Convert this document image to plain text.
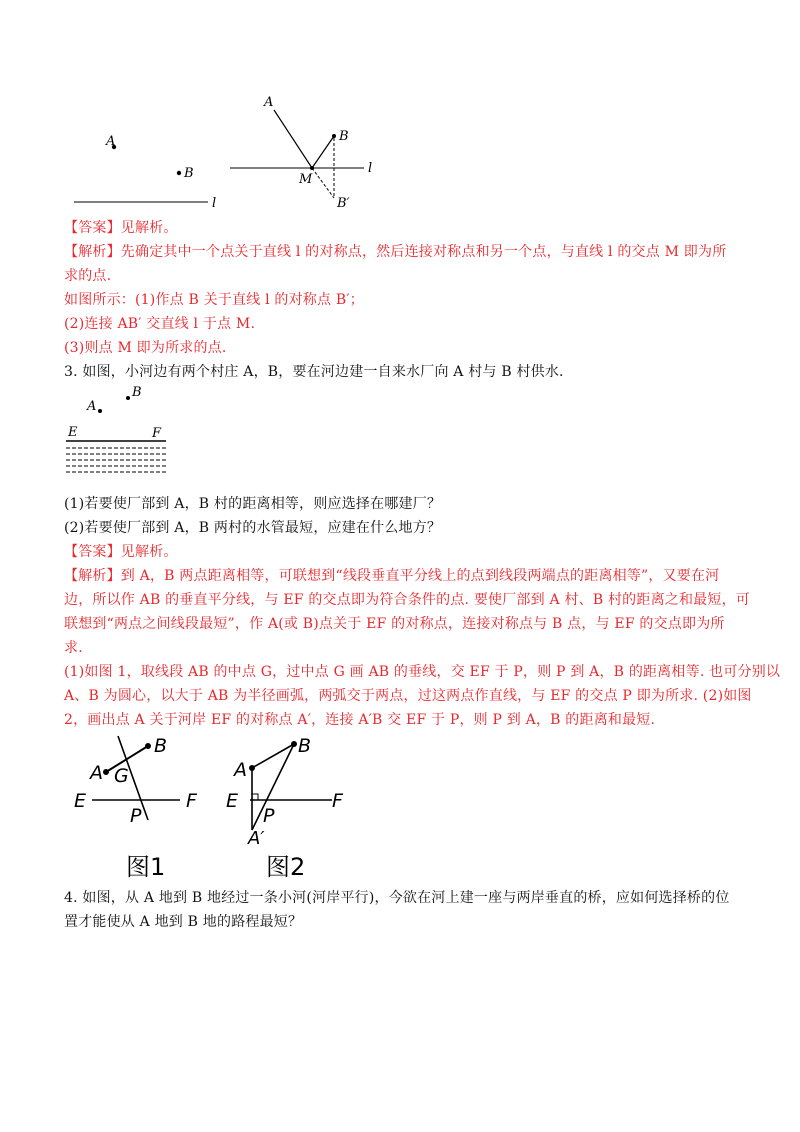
A
B
l
A
B
l
M
B′
【答案】见解析。
【解析】先确定其中一个点关于直线 l 的对称点，然后连接对称点和另一个点，与直线 l 的交点 M 即为所
求的点.
如图所示：(1)作点 B 关于直线 l 的对称点 B′；
(2)连接 AB′ 交直线 l 于点 M.
(3)则点 M 即为所求的点.
3. 如图，小河边有两个村庄 A，B，要在河边建一自来水厂向 A 村与 B 村供水.
A
B
E	F
(1)若要使厂部到 A，B 村的距离相等，则应选择在哪建厂？
(2)若要使厂部到 A，B 两村的水管最短，应建在什么地方？
【答案】见解析。
【解析】到 A，B 两点距离相等，可联想到“线段垂直平分线上的点到线段两端点的距离相等”，又要在河
边，所以作 AB 的垂直平分线，与 EF 的交点即为符合条件的点. 要使厂部到 A 村、B 村的距离之和最短，可
联想到“两点之间线段最短”，作 A(或 B)点关于 EF 的对称点，连接对称点与 B 点，与 EF 的交点即为所
求.
(1)如图 1，取线段 AB 的中点 G，过中点 G 画 AB 的垂线，交 EF 于 P，则 P 到 A，B 的距离相等. 也可分别以
A、B 为圆心，以大于 AB 为半径画弧，两弧交于两点，过这两点作直线，与 EF 的交点 P 即为所求. (2)如图
2，画出点 A 关于河岸 EF 的对称点 A′，连接 A′B 交 EF 于 P，则 P 到 A，B 的距离和最短.
A
B
G
E	F
P
图1
E	F
A
B
P
A′
图2
4. 如图，从 A 地到 B 地经过一条小河(河岸平行)，今欲在河上建一座与两岸垂直的桥，应如何选择桥的位
置才能使从 A 地到 B 地的路程最短？
